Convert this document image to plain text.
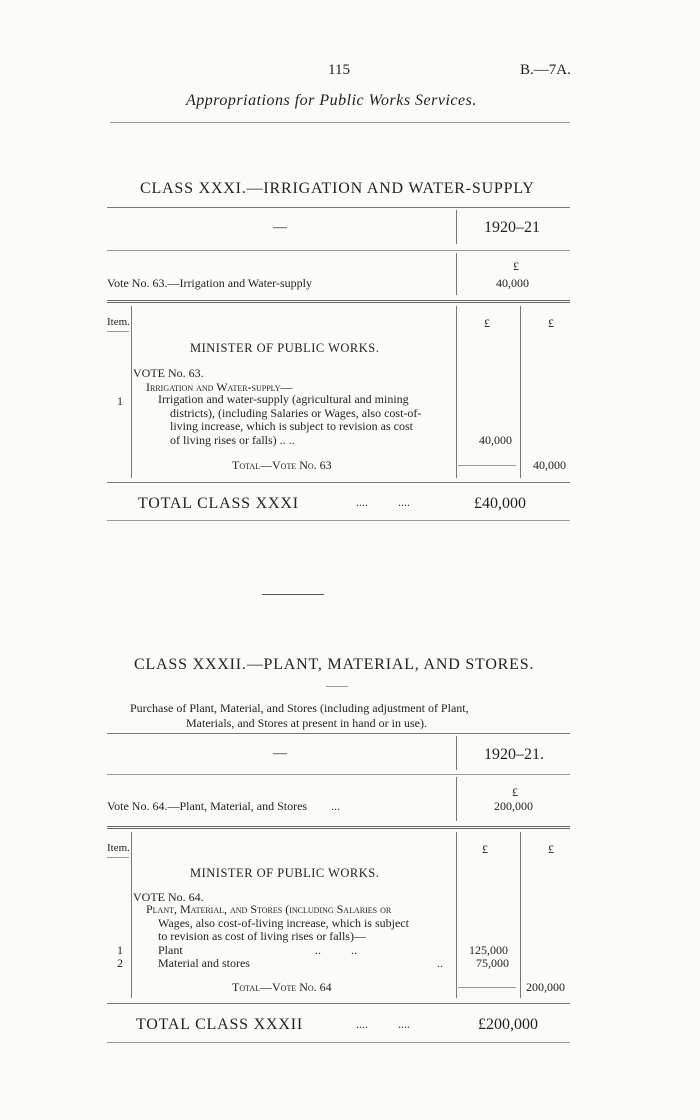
115	B.—7A.
Appropriations for Public Works Services.
CLASS XXXI.—IRRIGATION AND WATER-SUPPLY
—	1920–21
£
Vote No. 63.—Irrigation and Water-supply	40,000
Item.	£	£
MINISTER OF PUBLIC WORKS.
VOTE No. 63.
Irrigation and Water-supply—
1	Irrigation and water-supply (agricultural and mining
districts), (including Salaries or Wages, also cost-of-
living increase, which is subject to revision as cost
of living rises or falls) .. ..	40,000
Total—Vote No. 63	40,000
TOTAL CLASS XXXI	....          ....	£40,000
CLASS XXXII.—PLANT, MATERIAL, AND STORES.
Purchase of Plant, Material, and Stores (including adjustment of Plant,
Materials, and Stores at present in hand or in use).
—	1920–21.
£
Vote No. 64.—Plant, Material, and Stores        ...	200,000
Item.	£	£
MINISTER OF PUBLIC WORKS.
VOTE No. 64.
Plant, Material, and Stores (including Salaries or
Wages, also cost-of-living increase, which is subject
to revision as cost of living rises or falls)—
1	Plant	..          ..	125,000
2	Material and stores	..	75,000
Total—Vote No. 64	200,000
TOTAL CLASS XXXII	....          ....	£200,000
